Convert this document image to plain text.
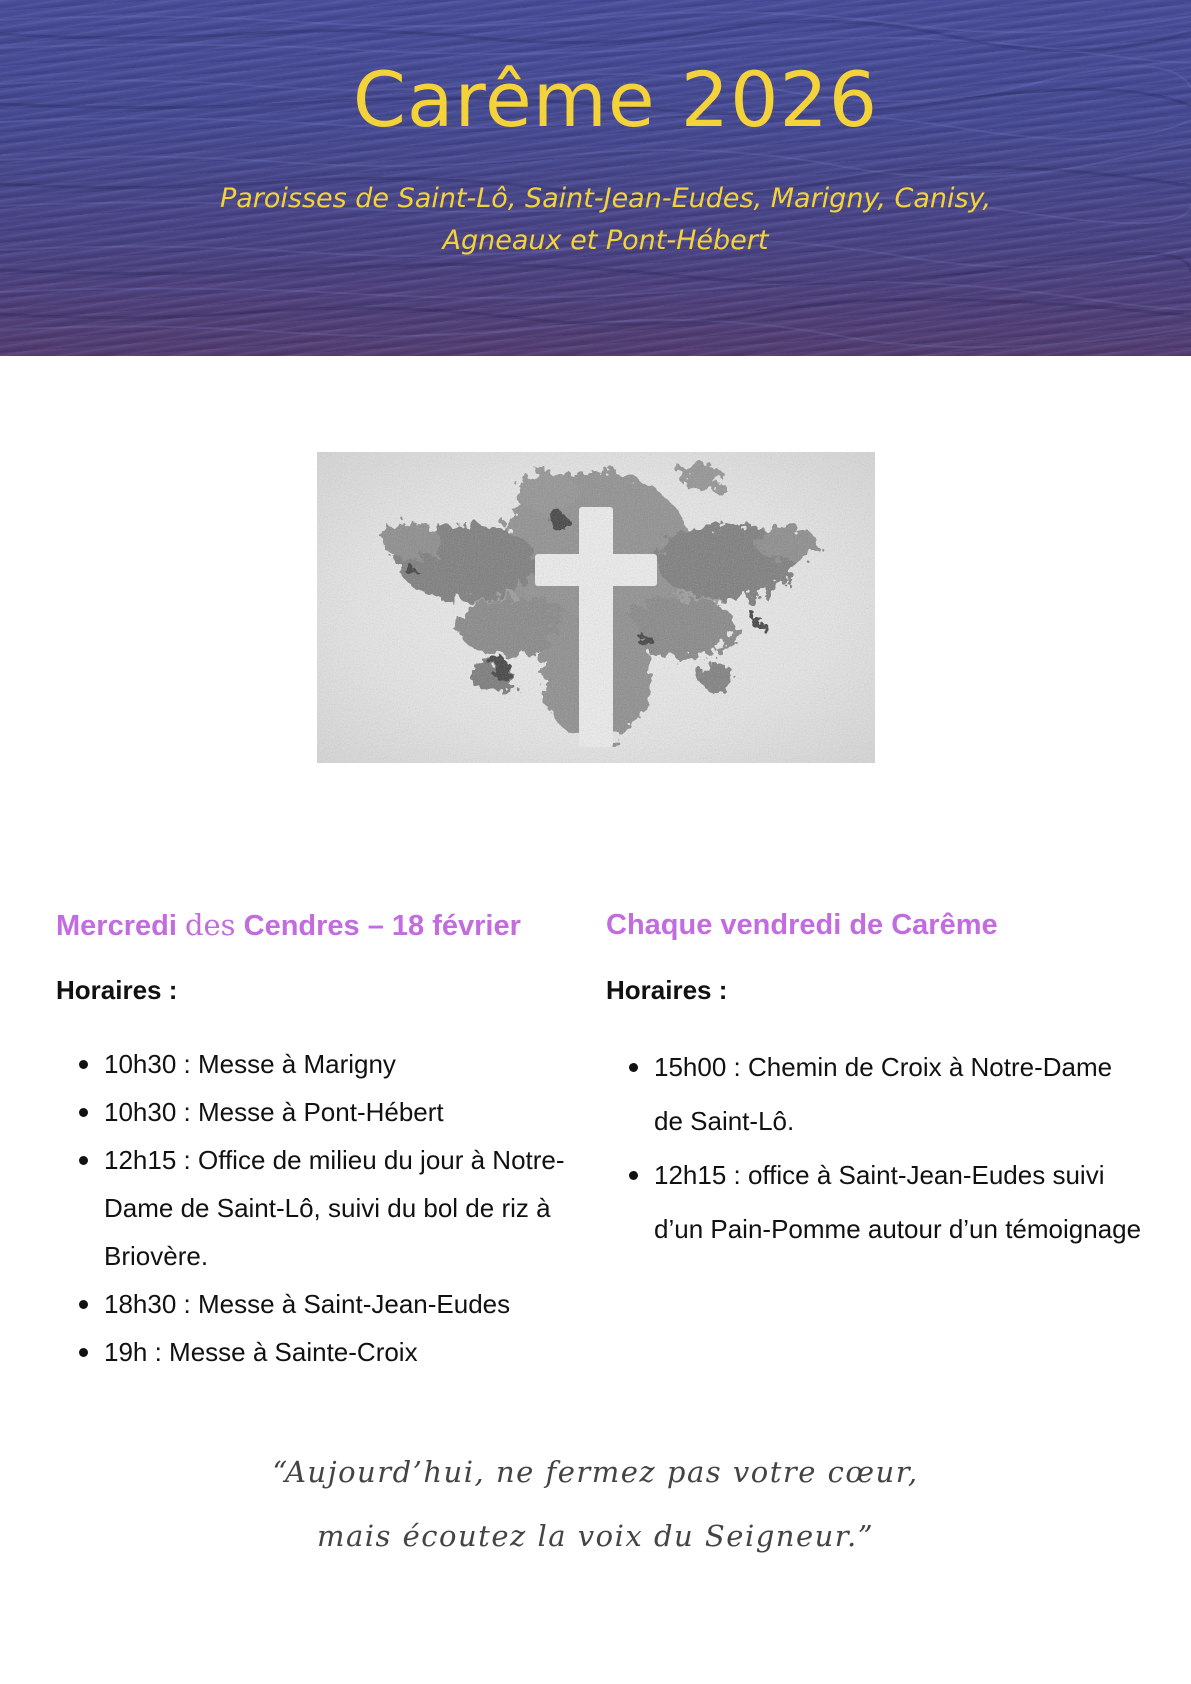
Carême 2026

Paroisses de Saint-Lô, Saint-Jean-Eudes, Marigny, Canisy,
Agneaux et Pont-Hébert

Mercredi des Cendres – 18 février

Horaires :

10h30 : Messe à Marigny
10h30 : Messe à Pont-Hébert
12h15 : Office de milieu du jour à Notre-Dame de Saint-Lô, suivi du bol de riz à Briovère.
18h30 : Messe à Saint-Jean-Eudes
19h : Messe à Sainte-Croix
Chaque vendredi de Carême

Horaires :

15h00 : Chemin de Croix à Notre-Dame de Saint-Lô.
12h15 : office à Saint-Jean-Eudes suivi d’un Pain-Pomme autour d’un témoignage

“Aujourd’hui, ne fermez pas votre cœur,
mais écoutez la voix du Seigneur.”
